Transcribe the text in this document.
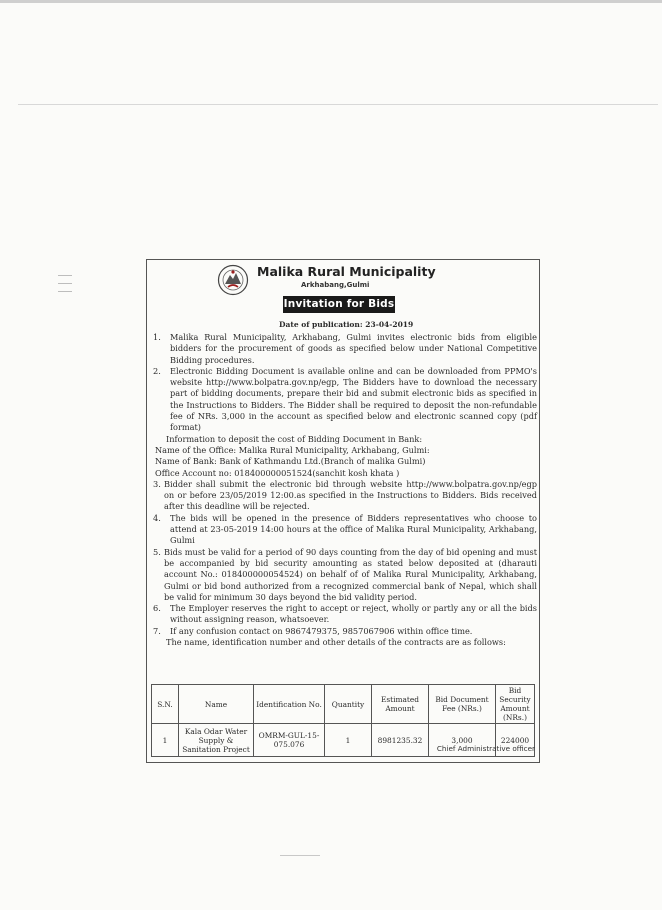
Malika Rural Municipality
Arkhabang,Gulmi
Invitation for Bids
Date of publication: 23-04-2019
1. Malika Rural Municipality, Arkhabang, Gulmi invites electronic bids from eligible bidders for the procurement of goods as specified below under National Competitive Bidding procedures.
2. Electronic Bidding Document is available online and can be downloaded from PPMO's website http://www.bolpatra.gov.np/egp, The Bidders have to download the necessary part of bidding documents, prepare their bid and submit electronic bids as specified in the Instructions to Bidders. The Bidder shall be required to deposit the non-refundable fee of NRs. 3,000 in the account as specified below and electronic scanned copy (pdf format)
Information to deposit the cost of Bidding Document in Bank:
Name of the Office: Malika Rural Municipality, Arkhabang, Gulmi:
Name of Bank: Bank of Kathmandu Ltd.(Branch of malika Gulmi)
Office Account no: 018400000051524(sanchit kosh khata )
3. Bidder shall submit the electronic bid through website http://www.bolpatra.gov.np/egp on or before 23/05/2019 12:00.as specified in the Instructions to Bidders. Bids received after this deadline will be rejected.
4. The bids will be opened in the presence of Bidders representatives who choose to attend at 23-05-2019 14:00 hours at the office of Malika Rural Municipality, Arkhabang, Gulmi
5. Bids must be valid for a period of 90 days counting from the day of bid opening and must be accompanied by bid security amounting as stated below deposited at (dharauti account No.: 018400000054524) on behalf of of Malika Rural Municipality, Arkhabang, Gulmi or bid bond authorized from a recognized commercial bank of Nepal, which shall be valid for minimum 30 days beyond the bid validity period.
6. The Employer reserves the right to accept or reject, wholly or partly any or all the bids without assigning reason, whatsoever.
7. If any confusion contact on 9867479375, 9857067906 within office time.
The name, identification number and other details of the contracts are as follows:
S.N.	Name	Identification No.	Quantity	Estimated Amount	Bid Document Fee (NRs.)	Bid Security Amount (NRs.)
1	Kala Odar Water Supply & Sanitation Project	OMRM-GUL-15-075.076	1	8981235.32	3,000	224000
Chief Administrative officer
